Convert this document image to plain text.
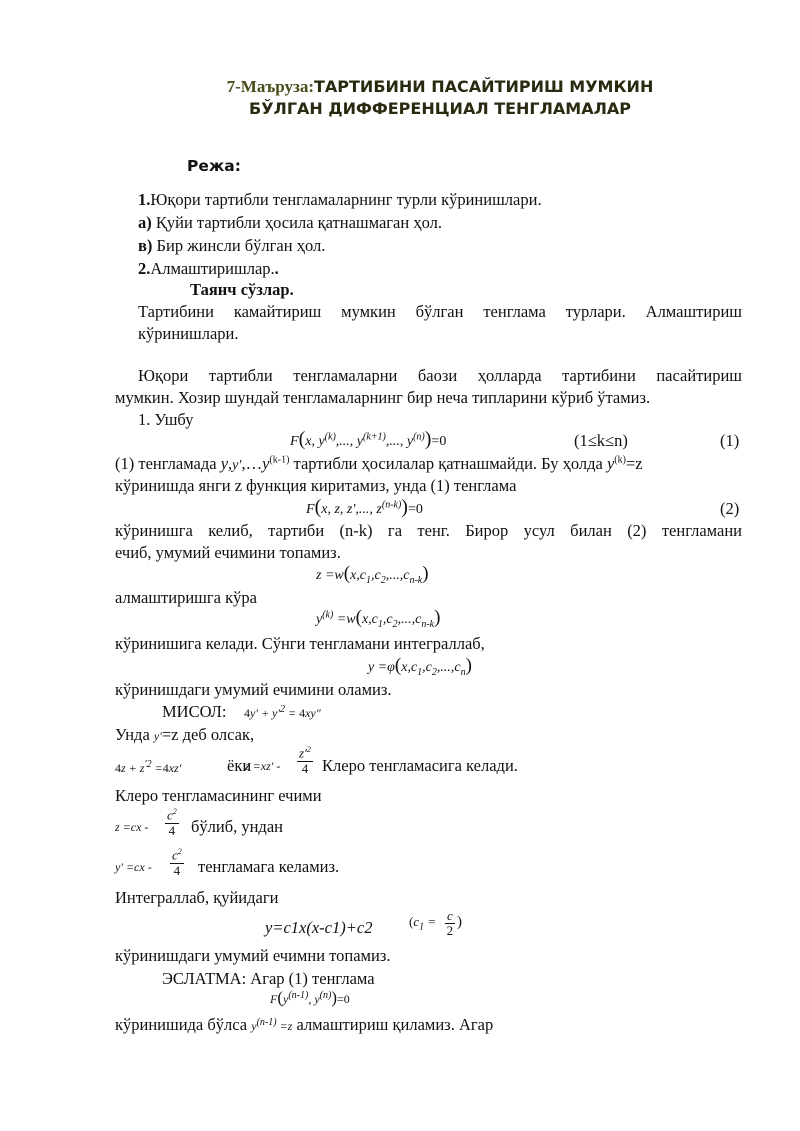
7-Маъруза:ТАРТИБИНИ ПАСАЙТИРИШ МУМКИН
БЎЛГАН ДИФФЕРЕНЦИАЛ ТЕНГЛАМАЛАР
Режа:
1.Юқори тартибли тенгламаларнинг турли кўринишлари.
а) Қуйи тартибли ҳосила қатнашмаган ҳол.
в) Бир жинсли бўлган ҳол.
2.Алмаштиришлар..
Таянч сўзлар.
Тартибини камайтириш мумкин бўлган тенглама турлари. Алмаштириш
кўринишлари.
Юқори тартибли тенгламаларни баози ҳолларда тартибини пасайтириш
мумкин. Хозир шундай тенгламаларнинг бир неча типларини кўриб ўтамиз.
1. Ушбу
F(x, $y^{(k)}$,..., $y^{(k+1)}$,..., $y^{(n)})=0$	(1≤k≤n)	(1)
(1) тенгламада $y,y',\dots y^{(k-1)}$ тартибли ҳосилалар қатнашмайди. Бу ҳолда $y^{(k)}=z$
кўринишда янги z функция киритамиз, унда (1) тенглама
F(x, z, z′,..., $z^{(n-k)})=0$	(2)
кўринишга келиб, тартиби (n-k) га тенг. Бирор усул билан (2) тенгламани
ечиб, умумий ечимини топамиз.
$z =w(x,c_1,c_2,...,c_{n-k})$
алмаштиришга кўра
$y^{(k)} =w(x,c_1,c_2,...,c_{n-k})$
кўринишига келади. Сўнги тенгламани интеграллаб,
$y =\varphi(x,c_1,c_2,...,c_n)$
кўринишдаги умумий ечимини оламиз.
МИСОЛ: $4y' + y'^2 = 4xy''$
Унда y′=z деб олсак,
$4z + z^{'2} =4xz'$	ёки
$z =xz' - \frac{z'^2}{4}$ Клеро тенгламасига келади.
Клеро тенгламасининг ечими
$z =cx - \frac{c^2}{4}$ бўлиб, ундан
$y' =cx - \frac{c^2}{4}$ тенгламага келамиз.
Интеграллаб, қуйидаги
y=c1x(x-c1)+c2	($c_1 = \frac{c}{2}$ )
кўринишдаги умумий ечимни топамиз.
ЭСЛАТМА: Агар (1) тенглама
$F(y^{(n-1)}$, $y^{(n)})=0$
кўринишида бўлса $y^{(n-1)} =z$ алмаштириш қиламиз. Агар
